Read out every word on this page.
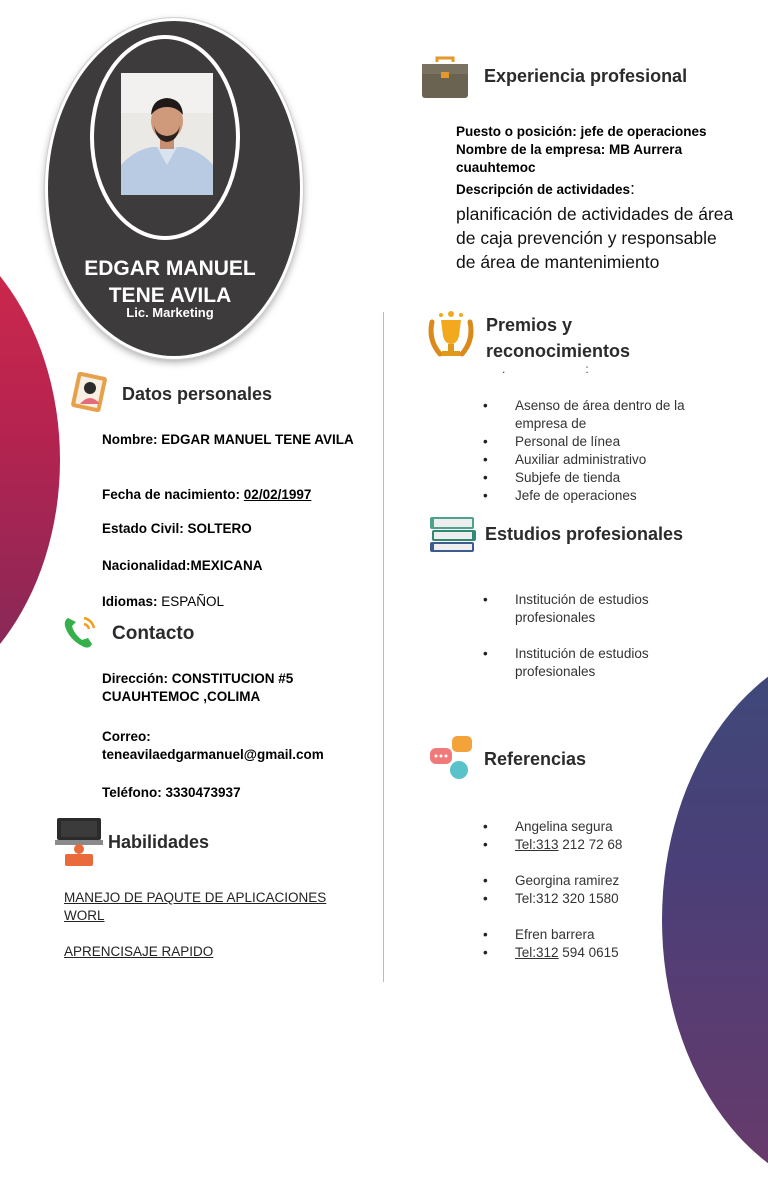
EDGAR MANUEL
TENE AVILA
Lic. Marketing
Datos personales
Nombre: EDGAR MANUEL TENE AVILA
Fecha de nacimiento: 02/02/1997
Estado Civil: SOLTERO
Nacionalidad:MEXICANA
Idiomas: ESPAÑOL
Contacto
Dirección: CONSTITUCION #5 CUAUHTEMOC ,COLIMA
Correo:
teneavilaedgarmanuel@gmail.com
Teléfono: 3330473937
Habilidades
MANEJO DE PAQUTE DE APLICACIONES WORL
APRENCISAJE RAPIDO
Experiencia profesional
Puesto o posición: jefe de operaciones
Nombre de la empresa: MB Aurrera cuauhtemoc
Descripción de actividades:
planificación de actividades de área de caja prevención y responsable de área de mantenimiento
Premios y
reconocimientos
.                        :
• Asenso de área dentro de la empresa de
• Personal de línea
• Auxiliar administrativo
• Subjefe de tienda
• Jefe de operaciones
Estudios profesionales
• Institución de estudios profesionales
• Institución de estudios profesionales
Referencias
• Angelina segura
• Tel:313 212 72 68
• Georgina ramirez
• Tel:312 320 1580
• Efren barrera
• Tel:312 594 0615
